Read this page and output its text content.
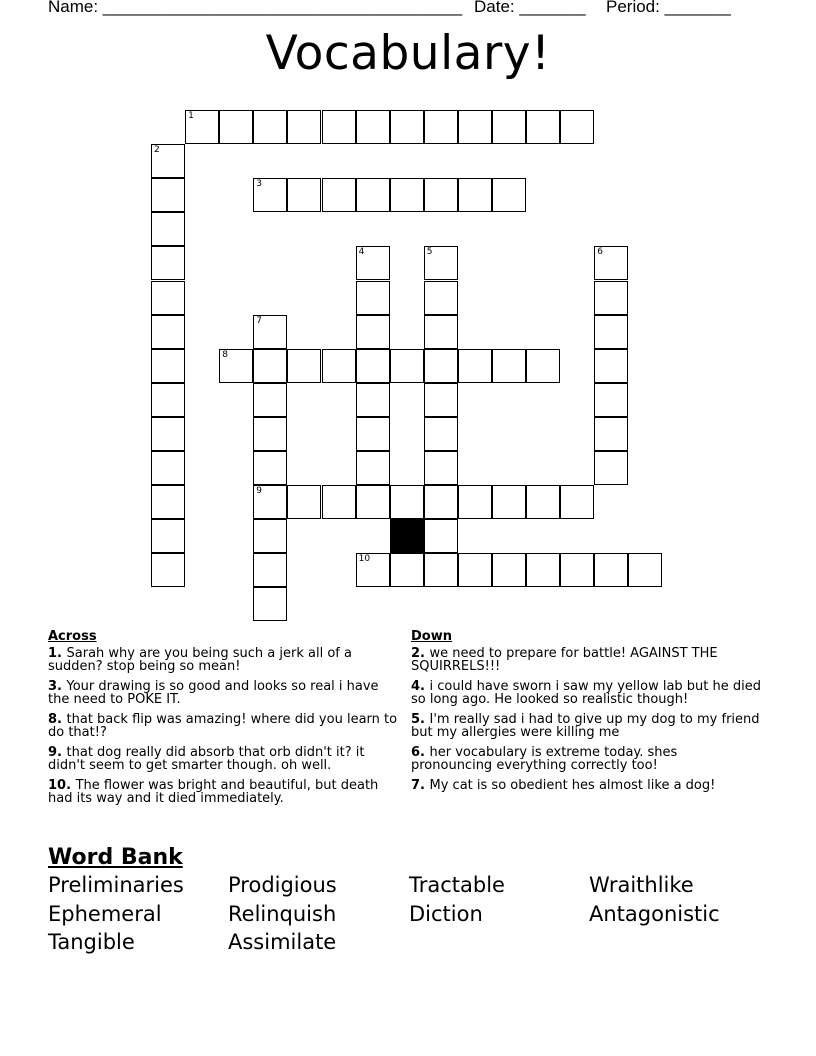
Name: ______________________________________ Date: _______ Period: _______
Vocabulary!
1
2
3
4	5	6
7
9
8
10
Across
1. Sarah why are you being such a jerk all of a sudden? stop being so mean!
3. Your drawing is so good and looks so real i have the need to POKE IT.
8. that back flip was amazing! where did you learn to do that!?
9. that dog really did absorb that orb didn't it? it didn't seem to get smarter though. oh well.
10. The flower was bright and beautiful, but death had its way and it died immediately.
Down
2. we need to prepare for battle! AGAINST THE SQUIRRELS!!!
4. i could have sworn i saw my yellow lab but he died so long ago. He looked so realistic though!
5. I'm really sad i had to give up my dog to my friend but my allergies were killing me
6. her vocabulary is extreme today. shes pronouncing everything correctly too!
7. My cat is so obedient hes almost like a dog!
Word Bank
Preliminaries Prodigious	Tractable	Wraithlike
Ephemeral	Relinquish	Diction	Antagonistic
Tangible	Assimilate
